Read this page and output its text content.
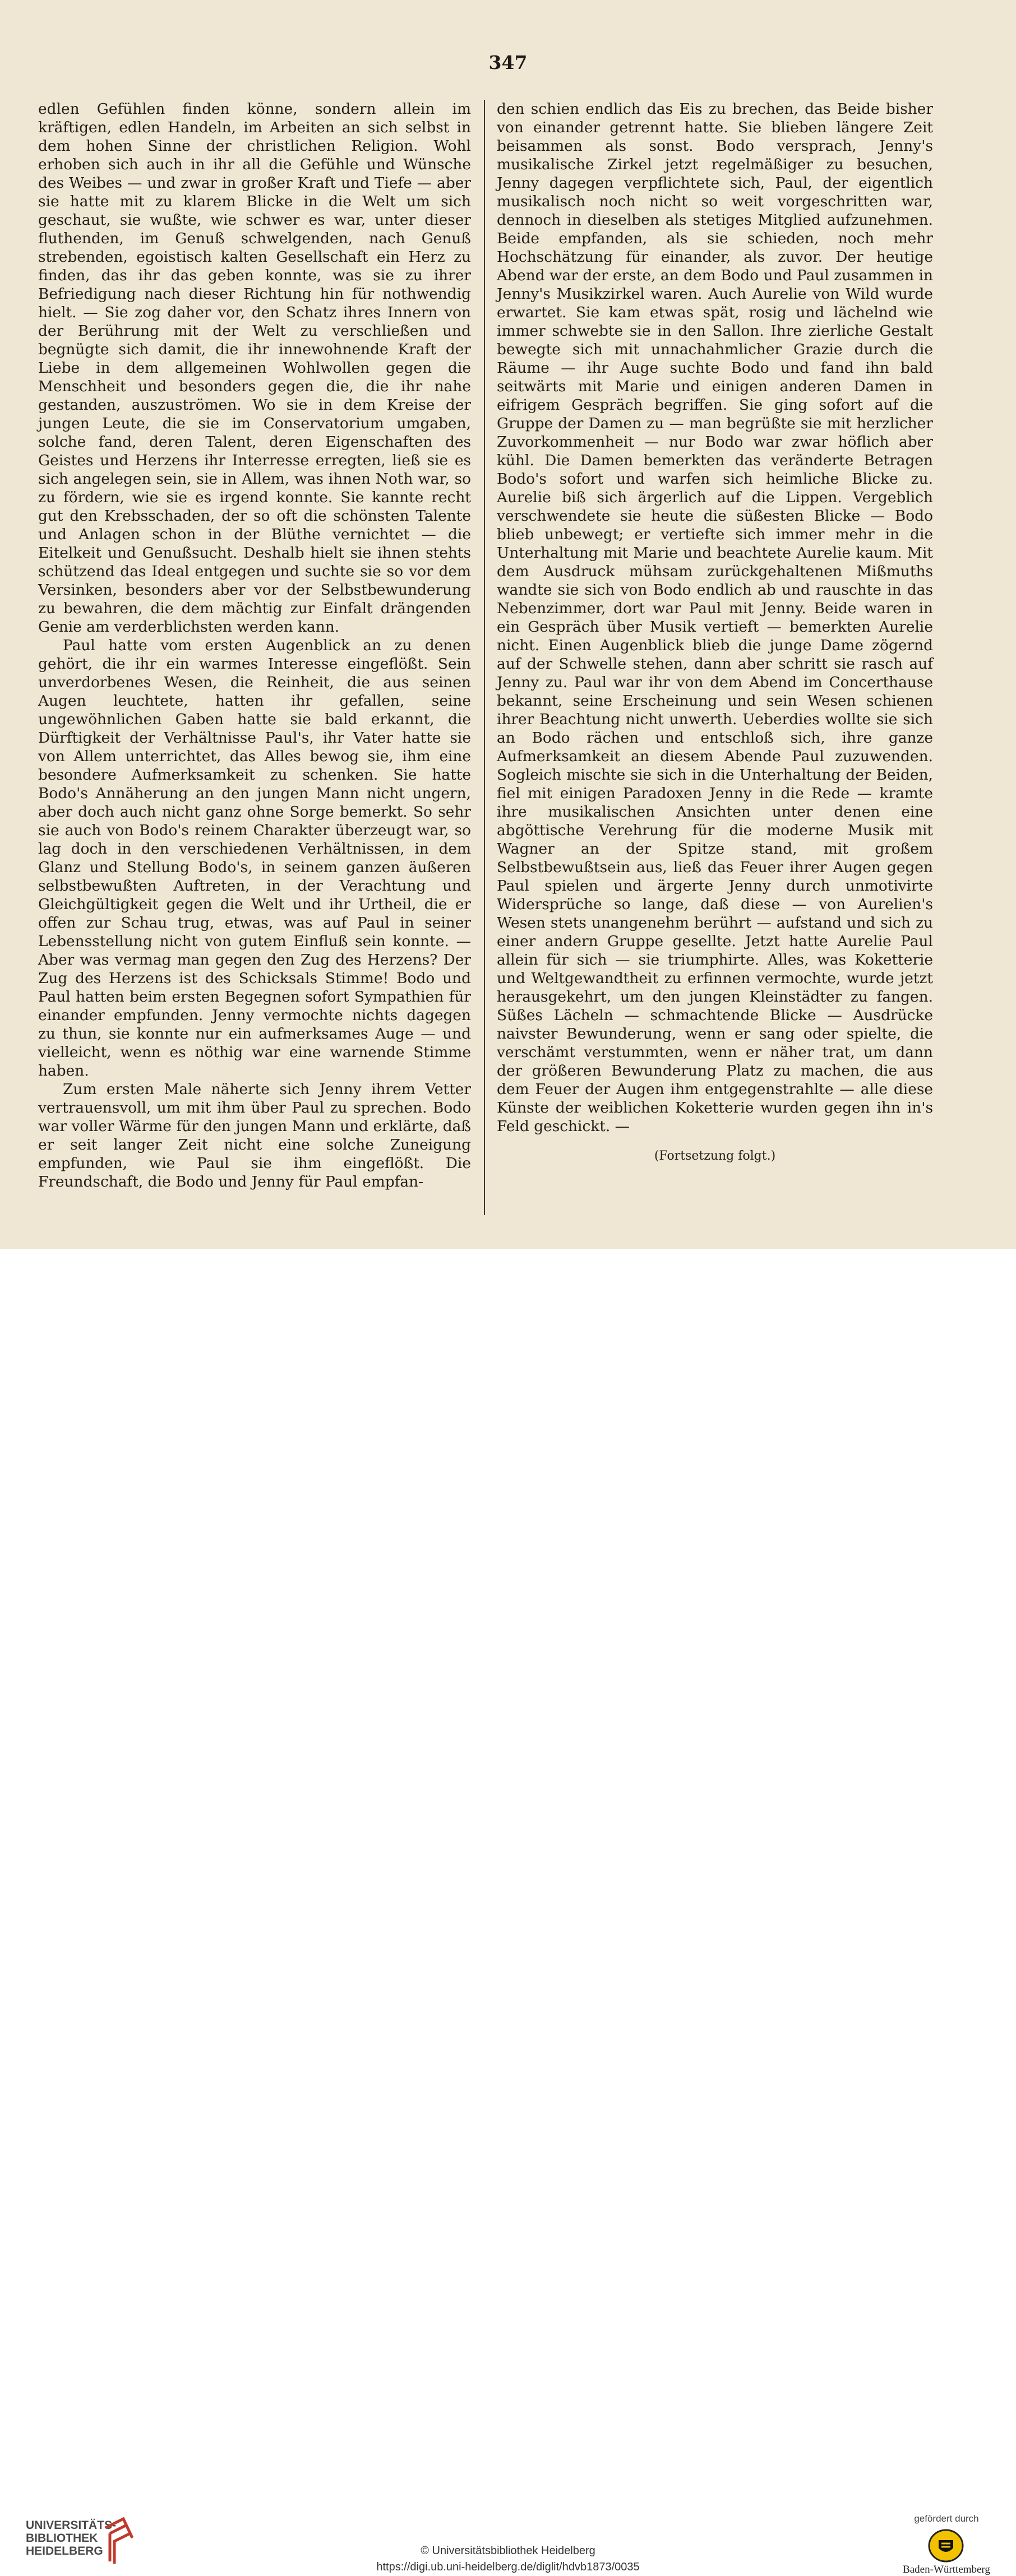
347

edlen Gefühlen finden könne, sondern allein im kräftigen, edlen Handeln, im Arbeiten an sich selbst in dem hohen Sinne der christlichen Religion. Wohl erhoben sich auch in ihr all die Gefühle und Wünsche des Weibes — und zwar in großer Kraft und Tiefe — aber sie hatte mit zu klarem Blicke in die Welt um sich geschaut, sie wußte, wie schwer es war, unter dieser fluthenden, im Genuß schwelgenden, nach Genuß strebenden, egoistisch kalten Gesellschaft ein Herz zu finden, das ihr das geben konnte, was sie zu ihrer Befriedigung nach dieser Richtung hin für nothwendig hielt. — Sie zog daher vor, den Schatz ihres Innern von der Berührung mit der Welt zu verschließen und begnügte sich damit, die ihr innewohnende Kraft der Liebe in dem allgemeinen Wohlwollen gegen die Menschheit und besonders gegen die, die ihr nahe gestanden, auszuströmen. Wo sie in dem Kreise der jungen Leute, die sie im Conservatorium umgaben, solche fand, deren Talent, deren Eigenschaften des Geistes und Herzens ihr Interresse erregten, ließ sie es sich angelegen sein, sie in Allem, was ihnen Noth war, so zu fördern, wie sie es irgend konnte. Sie kannte recht gut den Krebsschaden, der so oft die schönsten Talente und Anlagen schon in der Blüthe vernichtet — die Eitelkeit und Genußsucht. Deshalb hielt sie ihnen stehts schützend das Ideal entgegen und suchte sie so vor dem Versinken, besonders aber vor der Selbstbewunderung zu bewahren, die dem mächtig zur Einfalt drängenden Genie am verderblichsten werden kann.

Paul hatte vom ersten Augenblick an zu denen gehört, die ihr ein warmes Interesse eingeflößt. Sein unverdorbenes Wesen, die Reinheit, die aus seinen Augen leuchtete, hatten ihr gefallen, seine ungewöhnlichen Gaben hatte sie bald erkannt, die Dürftigkeit der Verhältnisse Paul's, ihr Vater hatte sie von Allem unterrichtet, das Alles bewog sie, ihm eine besondere Aufmerksamkeit zu schenken. Sie hatte Bodo's Annäherung an den jungen Mann nicht ungern, aber doch auch nicht ganz ohne Sorge bemerkt. So sehr sie auch von Bodo's reinem Charakter überzeugt war, so lag doch in den verschiedenen Verhältnissen, in dem Glanz und Stellung Bodo's, in seinem ganzen äußeren selbstbewußten Auftreten, in der Verachtung und Gleichgültigkeit gegen die Welt und ihr Urtheil, die er offen zur Schau trug, etwas, was auf Paul in seiner Lebensstellung nicht von gutem Einfluß sein konnte. — Aber was vermag man gegen den Zug des Herzens? Der Zug des Herzens ist des Schicksals Stimme! Bodo und Paul hatten beim ersten Begegnen sofort Sympathien für einander empfunden. Jenny vermochte nichts dagegen zu thun, sie konnte nur ein aufmerksames Auge — und vielleicht, wenn es nöthig war eine warnende Stimme haben.

Zum ersten Male näherte sich Jenny ihrem Vetter vertrauensvoll, um mit ihm über Paul zu sprechen. Bodo war voller Wärme für den jungen Mann und erklärte, daß er seit langer Zeit nicht eine solche Zuneigung empfunden, wie Paul sie ihm eingeflößt. Die Freundschaft, die Bodo und Jenny für Paul empfan-

den schien endlich das Eis zu brechen, das Beide bisher von einander getrennt hatte. Sie blieben längere Zeit beisammen als sonst. Bodo versprach, Jenny's musikalische Zirkel jetzt regelmäßiger zu besuchen, Jenny dagegen verpflichtete sich, Paul, der eigentlich musikalisch noch nicht so weit vorgeschritten war, dennoch in dieselben als stetiges Mitglied aufzunehmen. Beide empfanden, als sie schieden, noch mehr Hochschätzung für einander, als zuvor. Der heutige Abend war der erste, an dem Bodo und Paul zusammen in Jenny's Musikzirkel waren. Auch Aurelie von Wild wurde erwartet. Sie kam etwas spät, rosig und lächelnd wie immer schwebte sie in den Sallon. Ihre zierliche Gestalt bewegte sich mit unnachahmlicher Grazie durch die Räume — ihr Auge suchte Bodo und fand ihn bald seitwärts mit Marie und einigen anderen Damen in eifrigem Gespräch begriffen. Sie ging sofort auf die Gruppe der Damen zu — man begrüßte sie mit herzlicher Zuvorkommenheit — nur Bodo war zwar höflich aber kühl. Die Damen bemerkten das veränderte Betragen Bodo's sofort und warfen sich heimliche Blicke zu. Aurelie biß sich ärgerlich auf die Lippen. Vergeblich verschwendete sie heute die süßesten Blicke — Bodo blieb unbewegt; er vertiefte sich immer mehr in die Unterhaltung mit Marie und beachtete Aurelie kaum. Mit dem Ausdruck mühsam zurückgehaltenen Mißmuths wandte sie sich von Bodo endlich ab und rauschte in das Nebenzimmer, dort war Paul mit Jenny. Beide waren in ein Gespräch über Musik vertieft — bemerkten Aurelie nicht. Einen Augenblick blieb die junge Dame zögernd auf der Schwelle stehen, dann aber schritt sie rasch auf Jenny zu. Paul war ihr von dem Abend im Concerthause bekannt, seine Erscheinung und sein Wesen schienen ihrer Beachtung nicht unwerth. Ueberdies wollte sie sich an Bodo rächen und entschloß sich, ihre ganze Aufmerksamkeit an diesem Abende Paul zuzuwenden. Sogleich mischte sie sich in die Unterhaltung der Beiden, fiel mit einigen Paradoxen Jenny in die Rede — kramte ihre musikalischen Ansichten unter denen eine abgöttische Verehrung für die moderne Musik mit Wagner an der Spitze stand, mit großem Selbstbewußtsein aus, ließ das Feuer ihrer Augen gegen Paul spielen und ärgerte Jenny durch unmotivirte Widersprüche so lange, daß diese — von Aurelien's Wesen stets unangenehm berührt — aufstand und sich zu einer andern Gruppe gesellte. Jetzt hatte Aurelie Paul allein für sich — sie triumphirte. Alles, was Koketterie und Weltgewandtheit zu erfinnen vermochte, wurde jetzt herausgekehrt, um den jungen Kleinstädter zu fangen. Süßes Lächeln — schmachtende Blicke — Ausdrücke naivster Bewunderung, wenn er sang oder spielte, die verschämt verstummten, wenn er näher trat, um dann der größeren Bewunderung Platz zu machen, die aus dem Feuer der Augen ihm entgegenstrahlte — alle diese Künste der weiblichen Koketterie wurden gegen ihn in's Feld geschickt. —

(Fortsetzung folgt.)

UNIVERSITÄTS-
BIBLIOTHEK
HEIDELBERG	© Universitätsbibliothek Heidelberg
https://digi.ub.uni-heidelberg.de/diglit/hdvb1873/0035
gefördert durch
Baden-Württemberg
